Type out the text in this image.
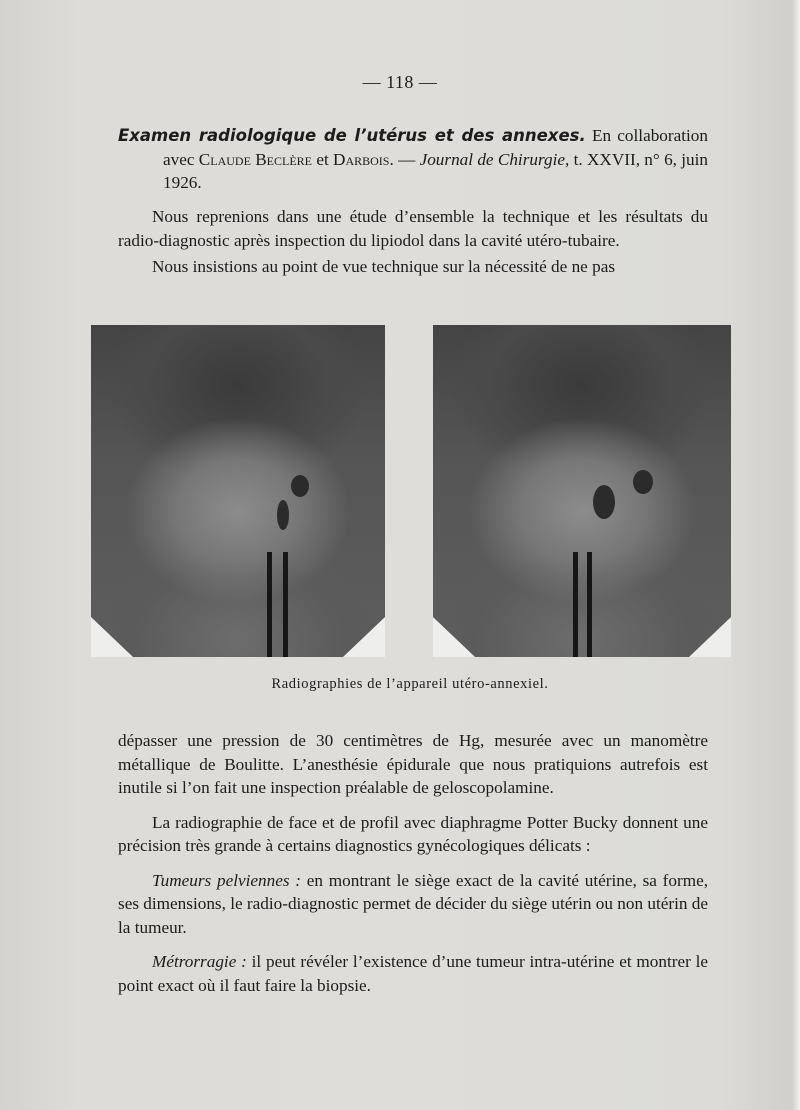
— 118 —

Examen radiologique de l’utérus et des annexes. En collaboration avec Claude Beclère et Darbois. — Journal de Chirurgie, t. XXVII, n° 6, juin 1926.

Nous reprenions dans une étude d’ensemble la technique et les résultats du radio-diagnostic après inspection du lipiodol dans la cavité utéro-tubaire.

Nous insistions au point de vue technique sur la nécessité de ne pas

Radiographies de l’appareil utéro-annexiel.

dépasser une pression de 30 centimètres de Hg, mesurée avec un manomètre métallique de Boulitte. L’anesthésie épidurale que nous pratiquions autrefois est inutile si l’on fait une inspection préalable de geloscopolamine.

La radiographie de face et de profil avec diaphragme Potter Bucky donnent une précision très grande à certains diagnostics gynécologiques délicats :

Tumeurs pelviennes : en montrant le siège exact de la cavité utérine, sa forme, ses dimensions, le radio-diagnostic permet de décider du siège utérin ou non utérin de la tumeur.

Métrorragie : il peut révéler l’existence d’une tumeur intra-utérine et montrer le point exact où il faut faire la biopsie.
